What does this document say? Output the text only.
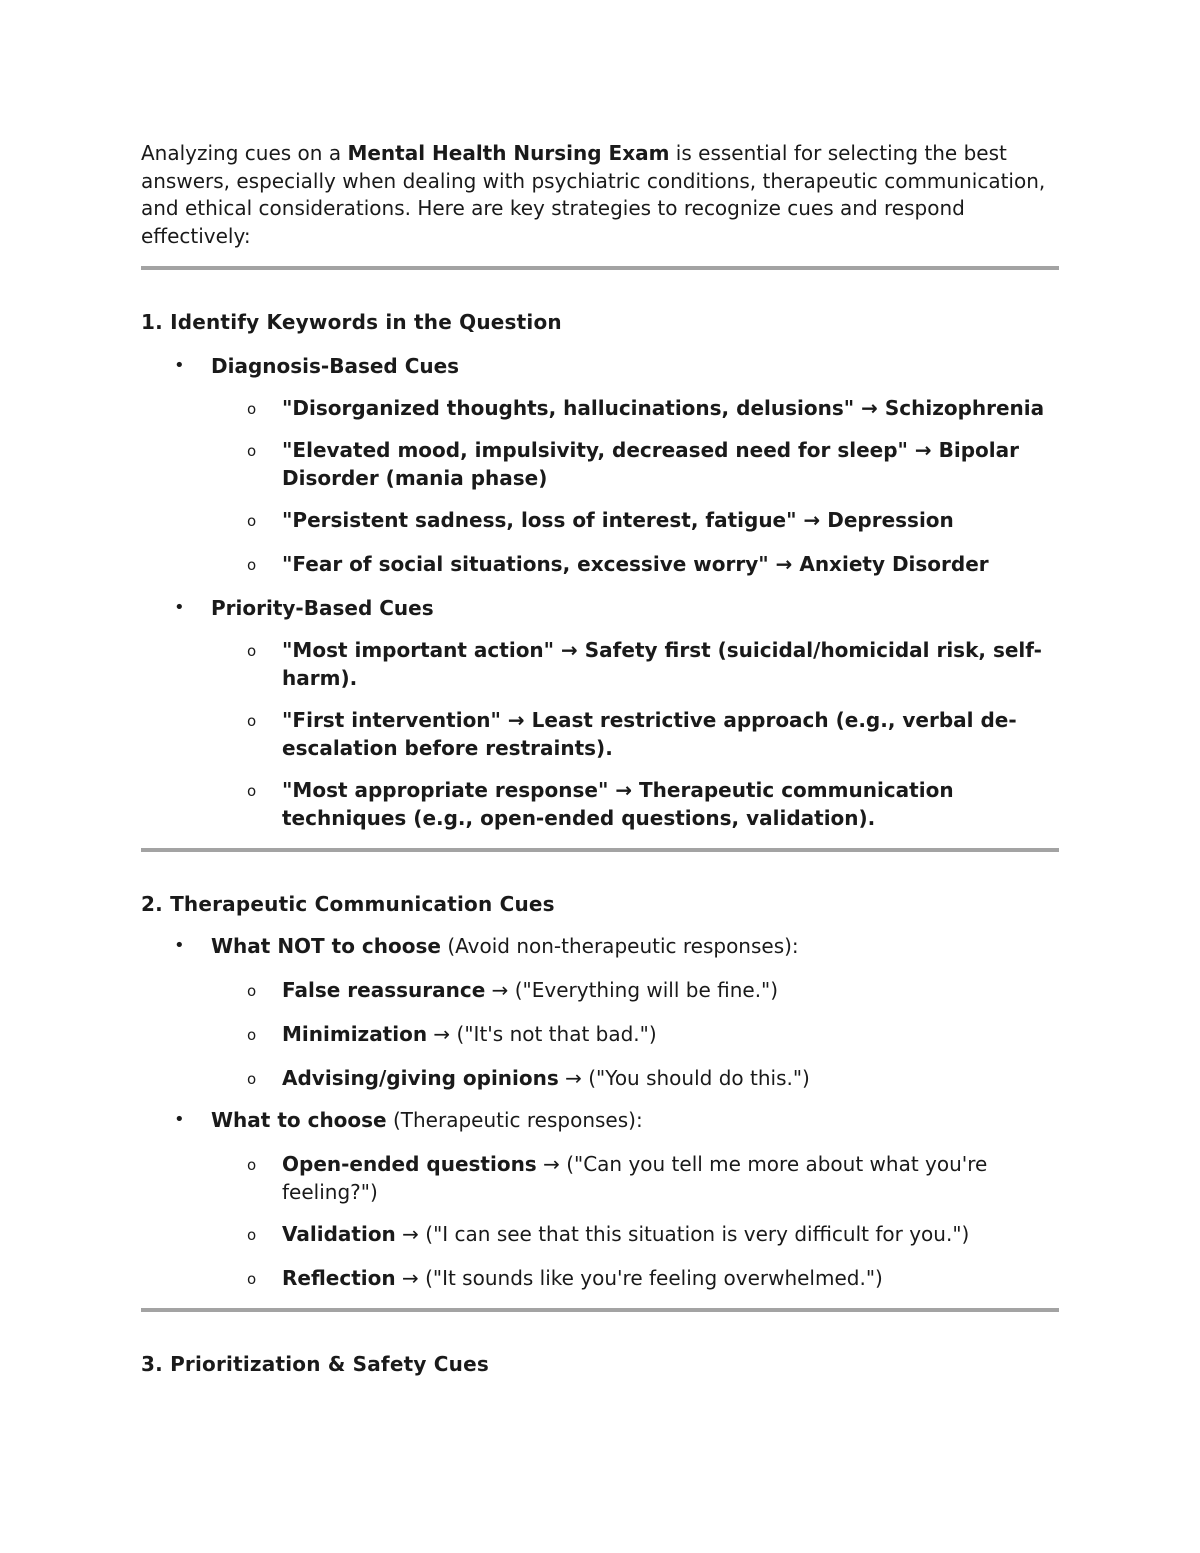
Analyzing cues on a Mental Health Nursing Exam is essential for selecting the best answers, especially when dealing with psychiatric conditions, therapeutic communication, and ethical considerations. Here are key strategies to recognize cues and respond effectively:

1. Identify Keywords in the Question
• Diagnosis-Based Cues
o "Disorganized thoughts, hallucinations, delusions" → Schizophrenia
o "Elevated mood, impulsivity, decreased need for sleep" → Bipolar Disorder (mania phase)
o "Persistent sadness, loss of interest, fatigue" → Depression
o "Fear of social situations, excessive worry" → Anxiety Disorder
• Priority-Based Cues
o "Most important action" → Safety first (suicidal/homicidal risk, self-harm).
o "First intervention" → Least restrictive approach (e.g., verbal de-escalation before restraints).
o "Most appropriate response" → Therapeutic communication techniques (e.g., open-ended questions, validation).
2. Therapeutic Communication Cues
• What NOT to choose (Avoid non-therapeutic responses):
o False reassurance → ("Everything will be fine.")
o Minimization → ("It's not that bad.")
o Advising/giving opinions → ("You should do this.")
• What to choose (Therapeutic responses):
o Open-ended questions → ("Can you tell me more about what you're feeling?")
o Validation → ("I can see that this situation is very difficult for you.")
o Reflection → ("It sounds like you're feeling overwhelmed.")
3. Prioritization & Safety Cues
